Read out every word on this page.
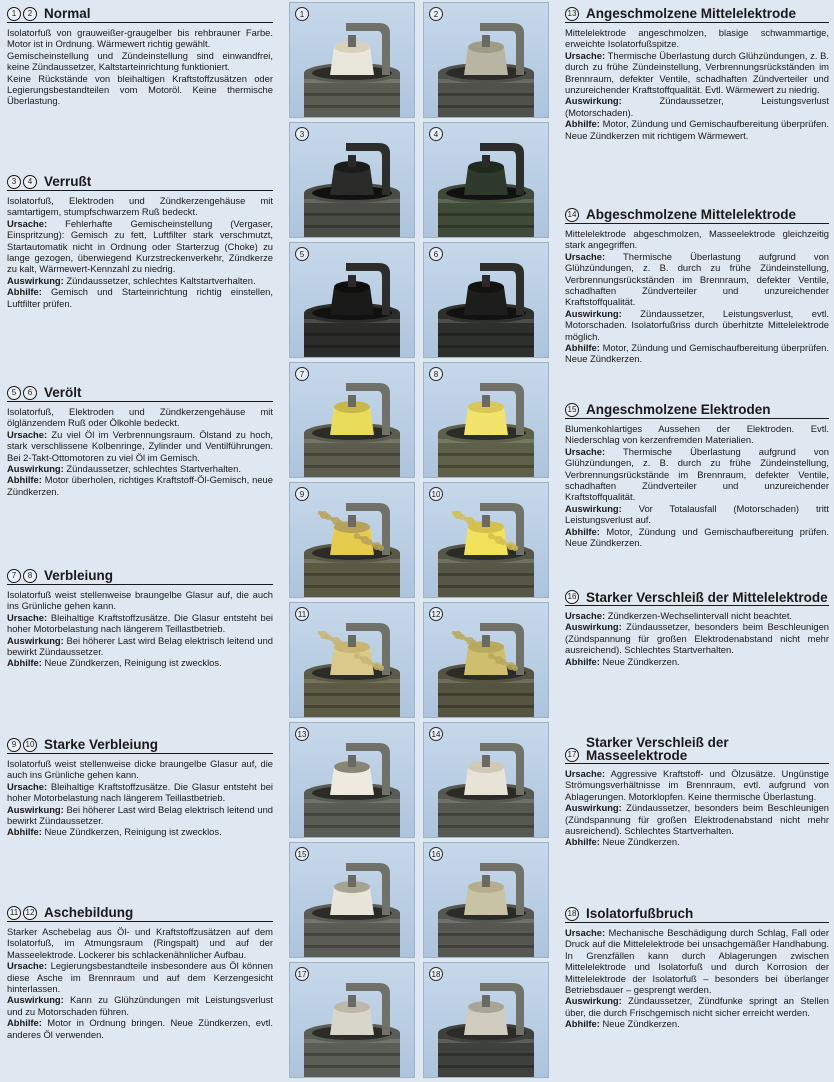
1	2 Normal

Isolatorfuß von grauweißer-graugelber bis rehbrauner Farbe. Motor ist in Ordnung. Wärmewert richtig gewählt.

Gemischeinstellung und Zündeinstellung sind einwandfrei, keine Zündaussetzer, Kaltstarteinrichtung funktioniert.

Keine Rückstände von bleihaltigen Kraftstoffzusätzen oder Legierungsbestandteilen vom Motoröl. Keine thermische Überlastung.

3	4 Verrußt

Isolatorfuß, Elektroden und Zündkerzengehäuse mit samtartigem, stumpfschwarzem Ruß bedeckt.

Ursache: Fehlerhafte Gemischeinstellung (Vergaser, Einspritzung): Gemisch zu fett, Luftfilter stark verschmutzt, Startautomatik nicht in Ordnung oder Starterzug (Choke) zu lange gezogen, überwiegend Kurzstreckenverkehr, Zündkerze zu kalt, Wärmewert-Kennzahl zu niedrig.

Auswirkung: Zündaussetzer, schlechtes Kaltstartverhalten.

Abhilfe: Gemisch und Starteinrichtung richtig einstellen, Luftfilter prüfen.

5	6 Verölt

Isolatorfuß, Elektroden und Zündkerzengehäuse mit ölglänzendem Ruß oder Ölkohle bedeckt.

Ursache: Zu viel Öl im Verbrennungsraum. Ölstand zu hoch, stark verschlissene Kolbenringe, Zylinder und Ventilführungen. Bei 2-Takt-Ottomotoren zu viel Öl im Gemisch.

Auswirkung: Zündaussetzer, schlechtes Startverhalten.

Abhilfe: Motor überholen, richtiges Kraftstoff-Öl-Gemisch, neue Zündkerzen.

7	8 Verbleiung

Isolatorfuß weist stellenweise braungelbe Glasur auf, die auch ins Grünliche gehen kann.

Ursache: Bleihaltige Kraftstoffzusätze. Die Glasur entsteht bei hoher Motorbelastung nach längerem Teillastbetrieb.

Auswirkung: Bei höherer Last wird Belag elektrisch leitend und bewirkt Zündaussetzer.

Abhilfe: Neue Zündkerzen, Reinigung ist zwecklos.

9	10 Starke Verbleiung

Isolatorfuß weist stellenweise dicke braungelbe Glasur auf, die auch ins Grünliche gehen kann.

Ursache: Bleihaltige Kraftstoffzusätze. Die Glasur entsteht bei hoher Motorbelastung nach längerem Teillastbetrieb.

Auswirkung: Bei höherer Last wird Belag elektrisch leitend und bewirkt Zündaussetzer.

Abhilfe: Neue Zündkerzen, Reinigung ist zwecklos.

11 12 Aschebildung

Starker Aschebelag aus Öl- und Kraftstoffzusätzen auf dem Isolatorfuß, im Atmungsraum (Ringspalt) und auf der Masseelektrode. Lockerer bis schlackenähnlicher Aufbau.

Ursache: Legierungsbestandteile insbesondere aus Öl können diese Asche im Brennraum und auf dem Kerzengesicht hinterlassen.

Auswirkung: Kann zu Glühzündungen mit Leistungsverlust und zu Motorschaden führen.

Abhilfe: Motor in Ordnung bringen. Neue Zündkerzen, evtl. anderes Öl verwenden.

1	2
3	4
5	6
7	8
9	10
11	12
13	14
15	16
17	18
13 Angeschmolzene Mittelelektrode

Mittelelektrode angeschmolzen, blasige schwammartige, erweichte Isolatorfußspitze.

Ursache: Thermische Überlastung durch Glühzündungen, z. B. durch zu frühe Zündeinstellung, Verbrennungsrückständen im Brennraum, defekter Ventile, schadhaften Zündverteiler und unzureichender Kraftstoffqualität. Evtl. Wärmewert zu niedrig.

Auswirkung: Zündaussetzer, Leistungsverlust (Motorschaden).

Abhilfe: Motor, Zündung und Gemischaufbereitung überprüfen. Neue Zündkerzen mit richtigem Wärmewert.

14 Abgeschmolzene Mittelelektrode

Mittelelektrode abgeschmolzen, Masseelektrode gleichzeitig stark angegriffen.

Ursache: Thermische Überlastung aufgrund von Glühzündungen, z. B. durch zu frühe Zündeinstellung, Verbrennungsrückständen im Brennraum, defekter Ventile, schadhaften Zündverteiler und unzureichender Kraftstoffqualität.

Auswirkung: Zündaussetzer, Leistungsverlust, evtl. Motorschaden. Isolatorfußriss durch überhitzte Mittelelektrode möglich.

Abhilfe: Motor, Zündung und Gemischaufbereitung überprüfen. Neue Zündkerzen.

15 Angeschmolzene Elektroden

Blumenkohlartiges Aussehen der Elektroden. Evtl. Niederschlag von kerzenfremden Materialien.

Ursache: Thermische Überlastung aufgrund von Glühzündungen, z. B. durch zu frühe Zündeinstellung, Verbrennungsrückstände im Brennraum, defekter Ventile, schadhaften Zündverteiler und unzureichender Kraftstoffqualität.

Auswirkung: Vor Totalausfall (Motorschaden) tritt Leistungsverlust auf.

Abhilfe: Motor, Zündung und Gemischaufbereitung prüfen. Neue Zündkerzen.

16 Starker Verschleiß der Mittelelektrode

Ursache: Zündkerzen-Wechselintervall nicht beachtet.

Auswirkung: Zündaussetzer, besonders beim Beschleunigen (Zündspannung für großen Elektrodenabstand nicht mehr ausreichend). Schlechtes Startverhalten.

Abhilfe: Neue Zündkerzen.

17
Starker Verschleiß der Masseelektrode

Ursache: Aggressive Kraftstoff- und Ölzusätze. Ungünstige Strömungsverhältnisse im Brennraum, evtl. aufgrund von Ablagerungen. Motorklopfen. Keine thermische Überlastung.

Auswirkung: Zündaussetzer, besonders beim Beschleunigen (Zündspannung für großen Elektrodenabstand nicht mehr ausreichend). Schlechtes Startverhalten.

Abhilfe: Neue Zündkerzen.

18 Isolatorfußbruch

Ursache: Mechanische Beschädigung durch Schlag, Fall oder Druck auf die Mittelelektrode bei unsachgemäßer Handhabung. In Grenzfällen kann durch Ablagerungen zwischen Mittelelektrode und Isolatorfuß und durch Korrosion der Mittelelektrode der Isolatorfuß – besonders bei überlanger Betriebsdauer – gesprengt werden.

Auswirkung: Zündaussetzer, Zündfunke springt an Stellen über, die durch Frischgemisch nicht sicher erreicht werden.

Abhilfe: Neue Zündkerzen.
